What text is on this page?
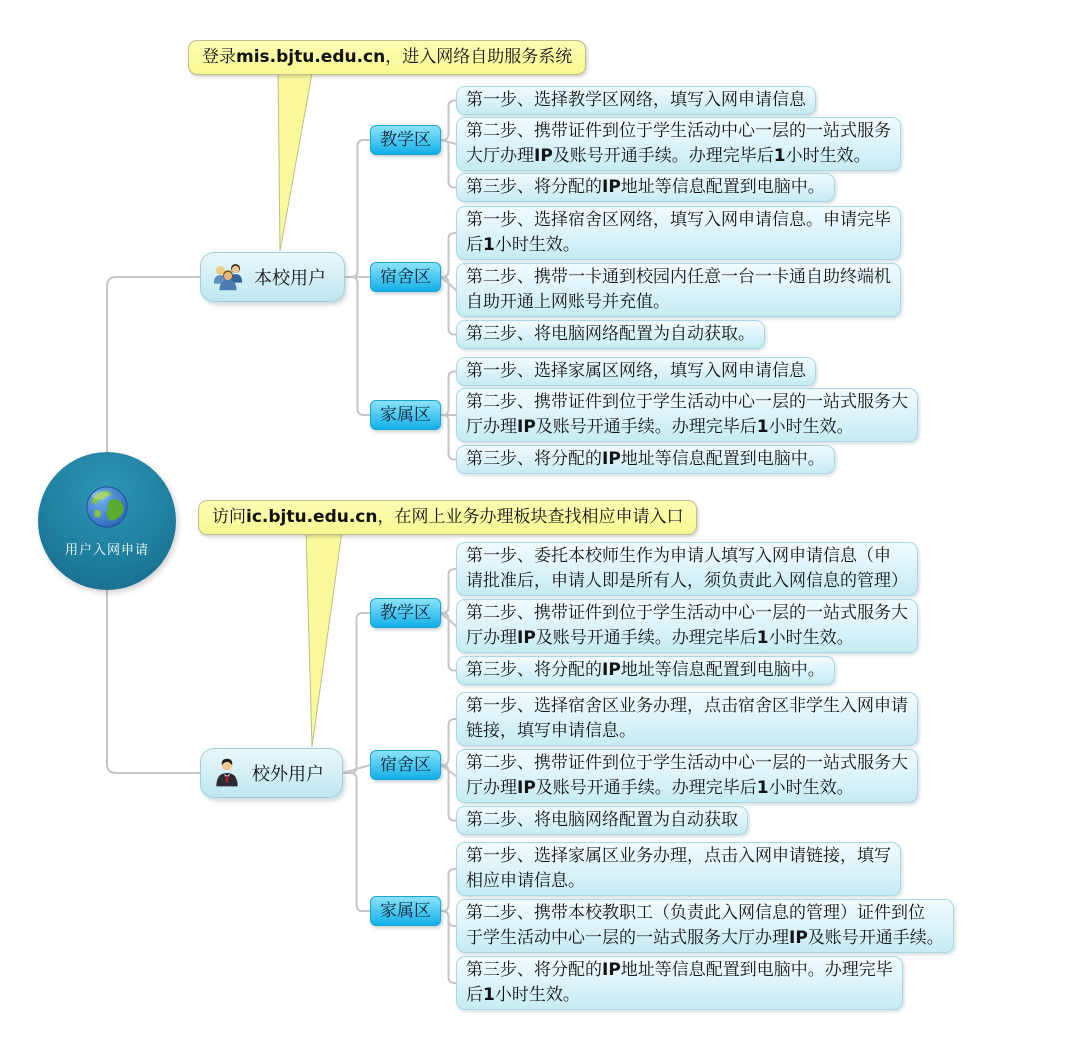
用户入网申请
本校用户
校外用户
登录mis.bjtu.edu.cn，进入网络自助服务系统
访问ic.bjtu.edu.cn，在网上业务办理板块查找相应申请入口
教学区
宿舍区
家属区
教学区
宿舍区
家属区
第一步、选择教学区网络，填写入网申请信息
第二步、携带证件到位于学生活动中心一层的一站式服务
大厅办理IP及账号开通手续。办理完毕后1小时生效。
第三步、将分配的IP地址等信息配置到电脑中。
第一步、选择宿舍区网络，填写入网申请信息。申请完毕
后1小时生效。
第二步、携带一卡通到校园内任意一台一卡通自助终端机
自助开通上网账号并充值。
第三步、将电脑网络配置为自动获取。
第一步、选择家属区网络，填写入网申请信息
第二步、携带证件到位于学生活动中心一层的一站式服务大
厅办理IP及账号开通手续。办理完毕后1小时生效。
第三步、将分配的IP地址等信息配置到电脑中。
第一步、委托本校师生作为申请人填写入网申请信息（申
请批准后，申请人即是所有人，须负责此入网信息的管理）
第二步、携带证件到位于学生活动中心一层的一站式服务大
厅办理IP及账号开通手续。办理完毕后1小时生效。
第三步、将分配的IP地址等信息配置到电脑中。
第一步、选择宿舍区业务办理，点击宿舍区非学生入网申请
链接，填写申请信息。
第二步、携带证件到位于学生活动中心一层的一站式服务大
厅办理IP及账号开通手续。办理完毕后1小时生效。
第二步、将电脑网络配置为自动获取
第一步、选择家属区业务办理，点击入网申请链接，填写
相应申请信息。
第二步、携带本校教职工（负责此入网信息的管理）证件到位
于学生活动中心一层的一站式服务大厅办理IP及账号开通手续。
第三步、将分配的IP地址等信息配置到电脑中。办理完毕
后1小时生效。
